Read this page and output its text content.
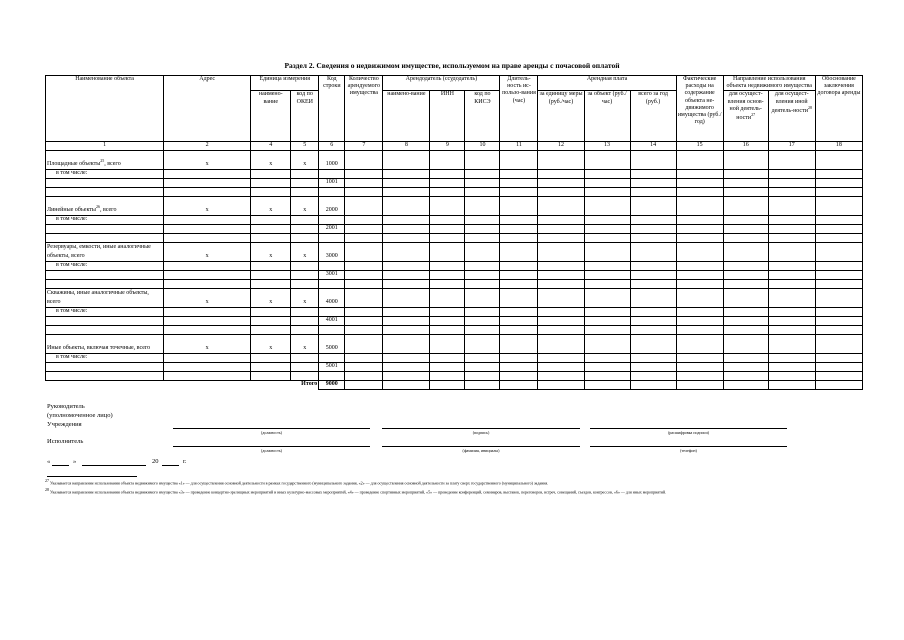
Раздел 2. Сведения о недвижимом имуществе, используемом на праве аренды с почасовой оплатой
Наименование объекта	Адрес	Единица измерения		Код строки	Количество арендуемого имущества	Арендодатель (ссудодатель)			Длитель-ность ис-пользо-вания (час)	Арендная плата			Фактические расходы на содержание объекта не-движимого имущества (руб./год)	Направление использования объекта недвижимого имущества		Обоснование заключения договора аренды
		наимено-вание	код по ОКЕИ			наимено-вание	ИНН	код по КИСЭ		за единицу меры (руб./час)	за объект (руб./час)	всего за год (руб.)		для осущест-вления основ-ной деятель-ности$^{27}$	для осущест-вления иной деятель-ности$^{28}$
1	2	4	5	6	7	8	9	10	11	12	13	14	15	16	17	18
Площадные объекты$^{25}$, всего	x	x	x	1000												
в том числе:																
				1001												

Линейные объекты$^{26}$, всего	x	x	x	2000												
в том числе:																
				2001												

Резервуары, емкости, иные аналогичные объекты, всего	x	x	x	3000												
в том числе:																
				3001												

Скважины, иные аналогичные объекты, всего	x	x	x	4000												
в том числе:																
				4001												

Иные объекты, включая точечные, всего	x	x	x	5000												
в том числе:																
				5001												

			Итого	9000												
Руководитель
(уполномоченное лицо)
Учреждения
(должность)	(подпись)	(расшифровка подписи)
Исполнитель
(должность)	(фамилия, инициалы)	(телефон)
«	»	20	г.
$^{27}$ Указывается направление использования объекта недвижимого имущества «1» — для осуществления основной деятельности в рамках государственного (муниципального задания, «2» — для осуществления основной деятельности за плату сверх государственного (муниципального) задания.
$^{28}$ Указывается направление использования объекта недвижимого имущества «3» — проведение концертно-зрелищных мероприятий и иных культурно-массовых мероприятий, «4» — проведение спортивных мероприятий, «5» — проведение конференций, семинаров, выставок, переговоров, встреч, совещаний, съездов, конгрессов, «6» — для иных мероприятий.
